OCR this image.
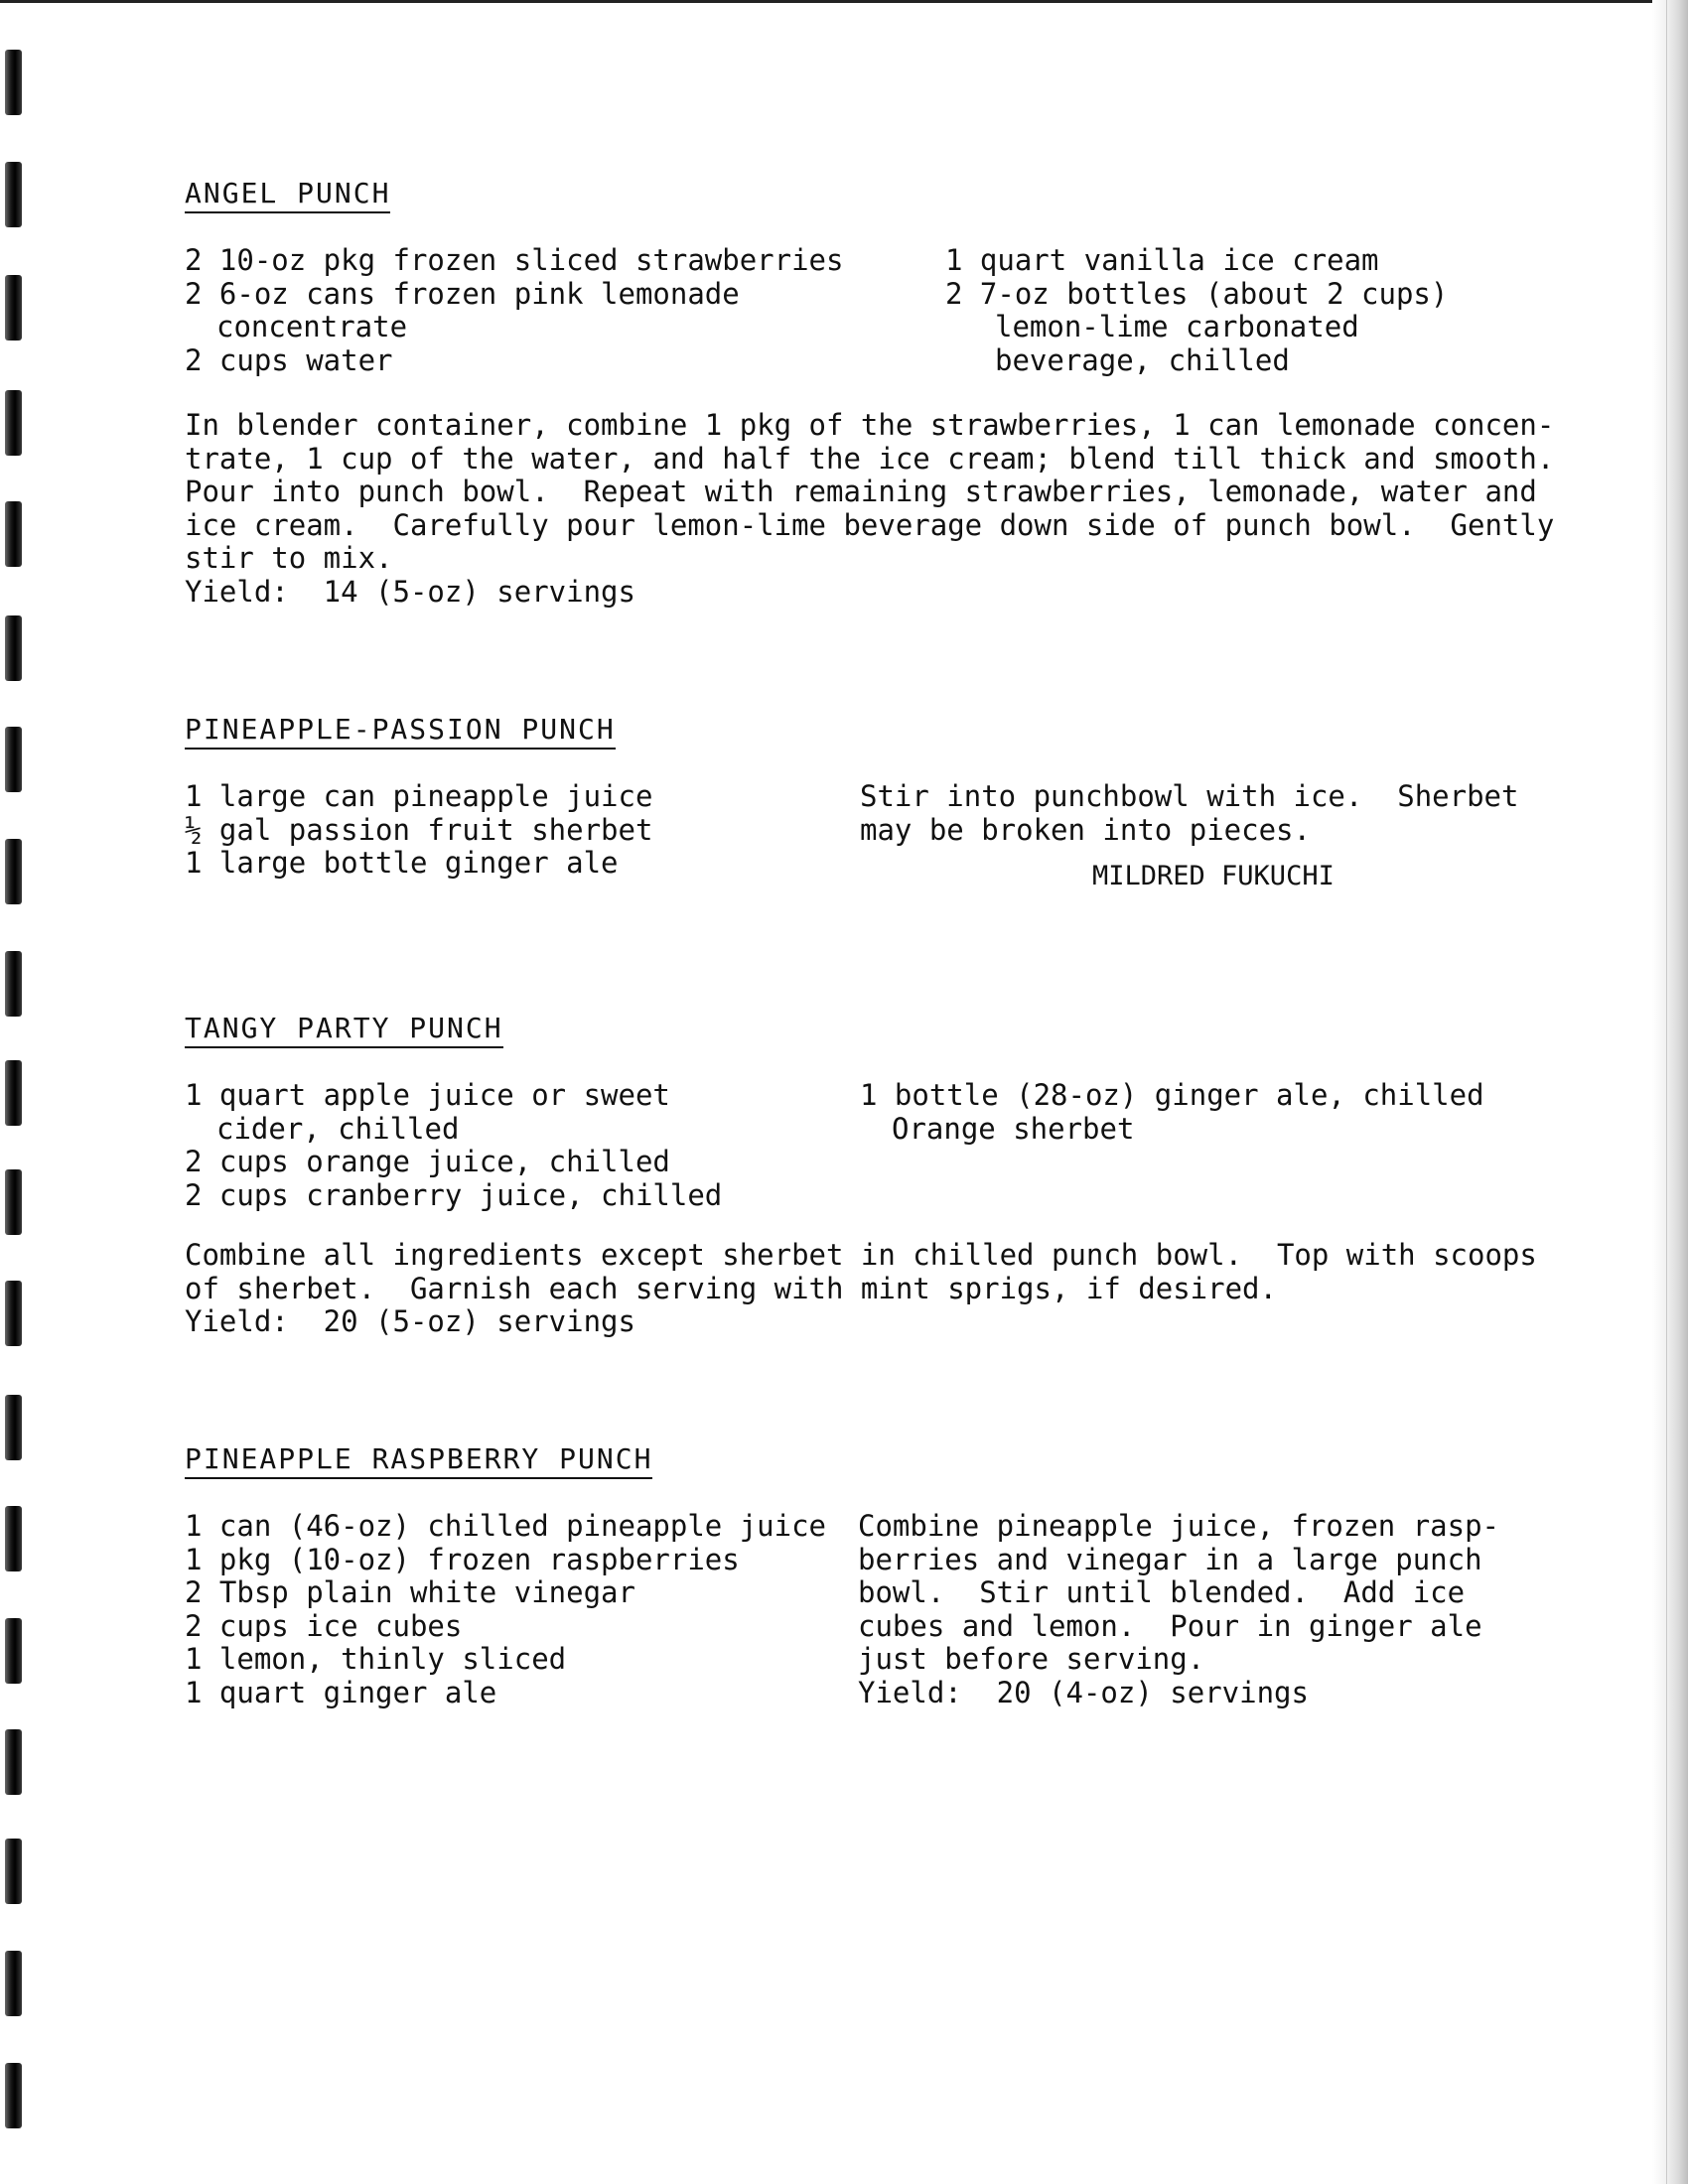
ANGEL PUNCH
2 10-oz pkg frozen sliced strawberries
2 6-oz cans frozen pink lemonade
concentrate
2 cups water
1 quart vanilla ice cream
2 7-oz bottles (about 2 cups)
lemon-lime carbonated
beverage, chilled
In blender container, combine 1 pkg of the strawberries, 1 can lemonade concen-
trate, 1 cup of the water, and half the ice cream; blend till thick and smooth.
Pour into punch bowl.  Repeat with remaining strawberries, lemonade, water and
ice cream.  Carefully pour lemon-lime beverage down side of punch bowl.  Gently
stir to mix.
Yield:  14 (5-oz) servings
PINEAPPLE-PASSION PUNCH
1 large can pineapple juice
½ gal passion fruit sherbet
1 large bottle ginger ale
Stir into punchbowl with ice.  Sherbet
may be broken into pieces.
MILDRED FUKUCHI
TANGY PARTY PUNCH
1 quart apple juice or sweet
cider, chilled
2 cups orange juice, chilled
2 cups cranberry juice, chilled
1 bottle (28-oz) ginger ale, chilled
Orange sherbet
Combine all ingredients except sherbet in chilled punch bowl.  Top with scoops
of sherbet.  Garnish each serving with mint sprigs, if desired.
Yield:  20 (5-oz) servings
PINEAPPLE RASPBERRY PUNCH
1 can (46-oz) chilled pineapple juice
1 pkg (10-oz) frozen raspberries
2 Tbsp plain white vinegar
2 cups ice cubes
1 lemon, thinly sliced
1 quart ginger ale
Combine pineapple juice, frozen rasp-
berries and vinegar in a large punch
bowl.  Stir until blended.  Add ice
cubes and lemon.  Pour in ginger ale
just before serving.
Yield:  20 (4-oz) servings
